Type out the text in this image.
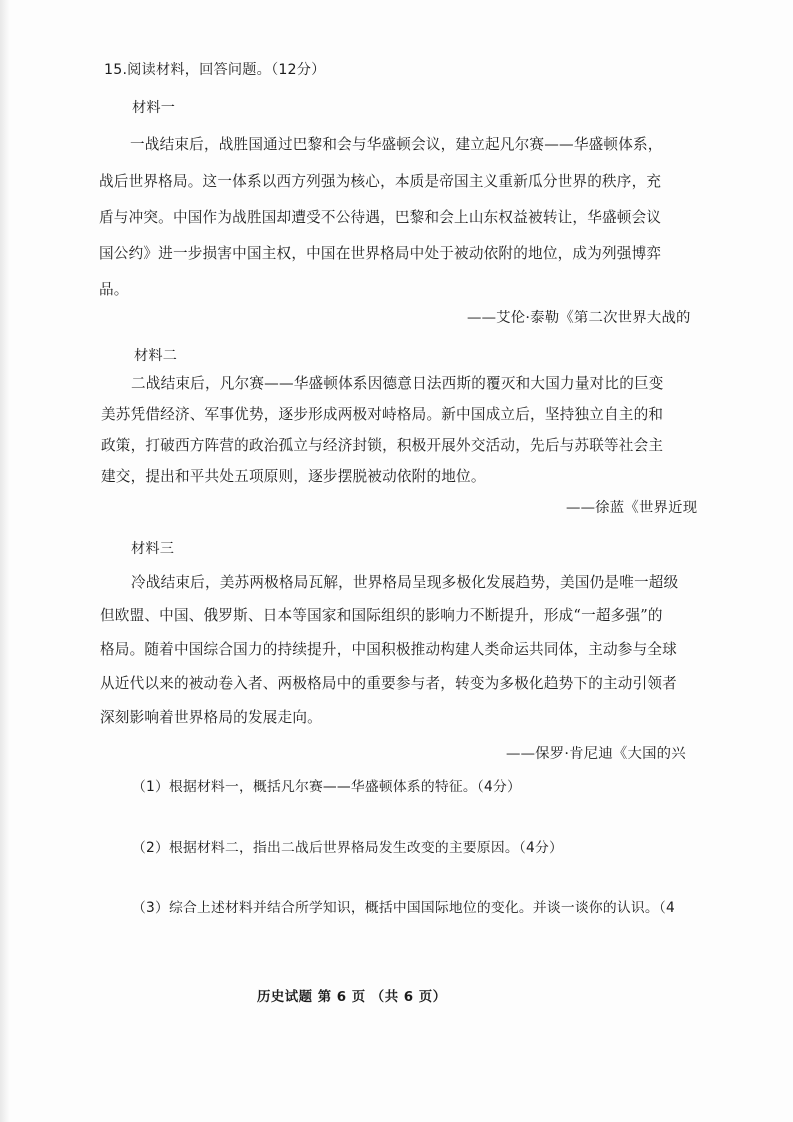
15.阅读材料，回答问题。（12分）
材料一
一战结束后，战胜国通过巴黎和会与华盛顿会议，建立起凡尔赛——华盛顿体系，
战后世界格局。这一体系以西方列强为核心，本质是帝国主义重新瓜分世界的秩序，充
盾与冲突。中国作为战胜国却遭受不公待遇，巴黎和会上山东权益被转让，华盛顿会议
国公约》进一步损害中国主权，中国在世界格局中处于被动依附的地位，成为列强博弈
品。
——艾伦·泰勒《第二次世界大战的
材料二
二战结束后，凡尔赛——华盛顿体系因德意日法西斯的覆灭和大国力量对比的巨变
美苏凭借经济、军事优势，逐步形成两极对峙格局。新中国成立后，坚持独立自主的和
政策，打破西方阵营的政治孤立与经济封锁，积极开展外交活动，先后与苏联等社会主
建交，提出和平共处五项原则，逐步摆脱被动依附的地位。
——徐蓝《世界近现
材料三
冷战结束后，美苏两极格局瓦解，世界格局呈现多极化发展趋势，美国仍是唯一超级
但欧盟、中国、俄罗斯、日本等国家和国际组织的影响力不断提升，形成“一超多强”的
格局。随着中国综合国力的持续提升，中国积极推动构建人类命运共同体，主动参与全球
从近代以来的被动卷入者、两极格局中的重要参与者，转变为多极化趋势下的主动引领者
深刻影响着世界格局的发展走向。
——保罗·肯尼迪《大国的兴
（1）根据材料一，概括凡尔赛——华盛顿体系的特征。（4分）
（2）根据材料二，指出二战后世界格局发生改变的主要原因。（4分）
（3）综合上述材料并结合所学知识，概括中国国际地位的变化。并谈一谈你的认识。（4
历史试题 第 6 页 （共 6 页）
